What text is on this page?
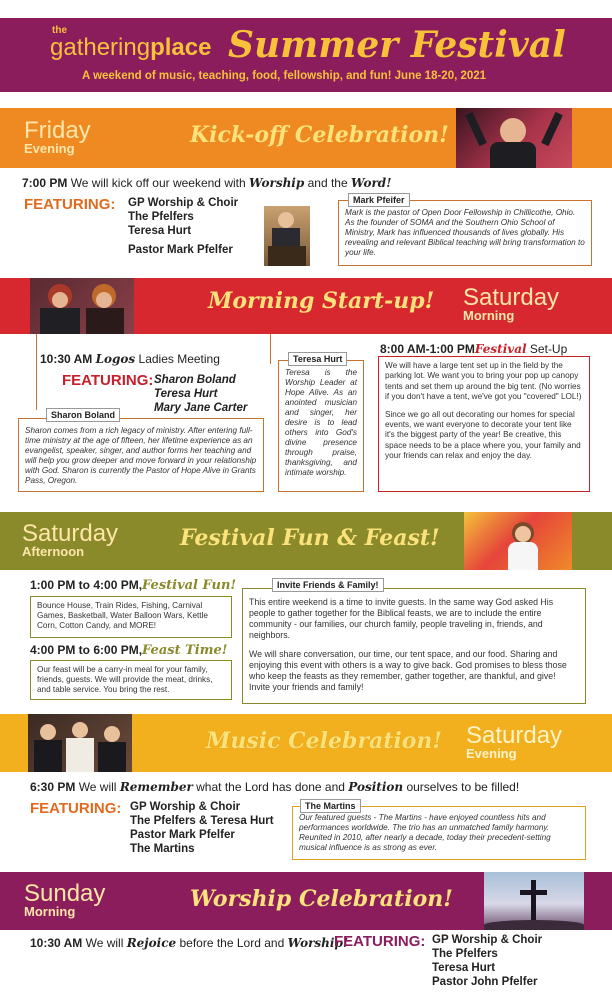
the
gatheringplace Summer Festival
A weekend of music, teaching, food, fellowship, and fun! June 18-20, 2021
Friday
Evening
Kick-off Celebration!
7:00 PM We will kick off our weekend with Worship and the Word!
FEATURING: GP Worship & Choir
The Pfelfers
Teresa Hurt
Pastor Mark Pfelfer
Mark is the pastor of Open Door Fellowship in Chillicothe, Ohio. As the founder of SOMA and the Southern Ohio School of Ministry, Mark has influenced thousands of lives globally. His revealing and relevant Biblical teaching will bring transformation to your life.
Mark Pfeifer
Morning Start-up! Saturday
Morning
10:30 AM Logos Ladies Meeting
FEATURING: Sharon Boland
Teresa Hurt
Mary Jane Carter
Sharon comes from a rich legacy of ministry. After entering full-time ministry at the age of fifteen, her lifetime experience as an evangelist, speaker, singer, and author forms her teaching and will help you grow deeper and move forward in your relationship with God. Sharon is currently the Pastor of Hope Alive in Grants Pass, Oregon.
Sharon Boland
Teresa is the Worship Leader at Hope Alive. As an anointed musician and singer, her desire is to lead others into God's divine presence through praise, thanksgiving, and intimate worship.
Teresa Hurt
8:00 AM-1:00 PMFestival Set-Up
We will have a large tent set up in the field by the parking lot. We want you to bring your pop up canopy tents and set them up around the big tent. (No worries if you don't have a tent, we've got you "covered" LOL!)
Since we go all out decorating our homes for special events, we want everyone to decorate your tent like it's the biggest party of the year! Be creative, this space needs to be a place where you, your family and your friends can relax and enjoy the day.
Saturday
Afternoon
Festival Fun & Feast!
1:00 PM to 4:00 PM,Festival Fun!
Bounce House, Train Rides, Fishing, Carnival Games, Basketball, Water Balloon Wars, Kettle Corn, Cotton Candy, and MORE!
4:00 PM to 6:00 PM,Feast Time!
Our feast will be a carry-in meal for your family, friends, guests. We will provide the meat, drinks, and table service. You bring the rest.
This entire weekend is a time to invite guests. In the same way God asked His people to gather together for the Biblical feasts, we are to include the entire community - our families, our church family, people traveling in, friends, and neighbors.
We will share conversation, our time, our tent space, and our food. Sharing and enjoying this event with others is a way to give back. God promises to bless those who keep the feasts as they remember, gather together, are thankful, and give! Invite your friends and family!
Invite Friends & Family!
Music Celebration! Saturday
Evening
6:30 PM We will Remember what the Lord has done and Position ourselves to be filled!
FEATURING: GP Worship & Choir
The Pfelfers & Teresa Hurt
Pastor Mark Pfelfer
The Martins
Our featured guests - The Martins - have enjoyed countless hits and performances worldwide. The trio has an unmatched family harmony. Reunited in 2010, after nearly a decade, today their precedent-setting musical influence is as strong as ever.
The Martins
Sunday
Morning	Worship Celebration!
10:30 AM We will Rejoice before the Lord and Worship!
FEATURING: GP Worship & Choir
The Pfelfers
Teresa Hurt
Pastor John Pfelfer
